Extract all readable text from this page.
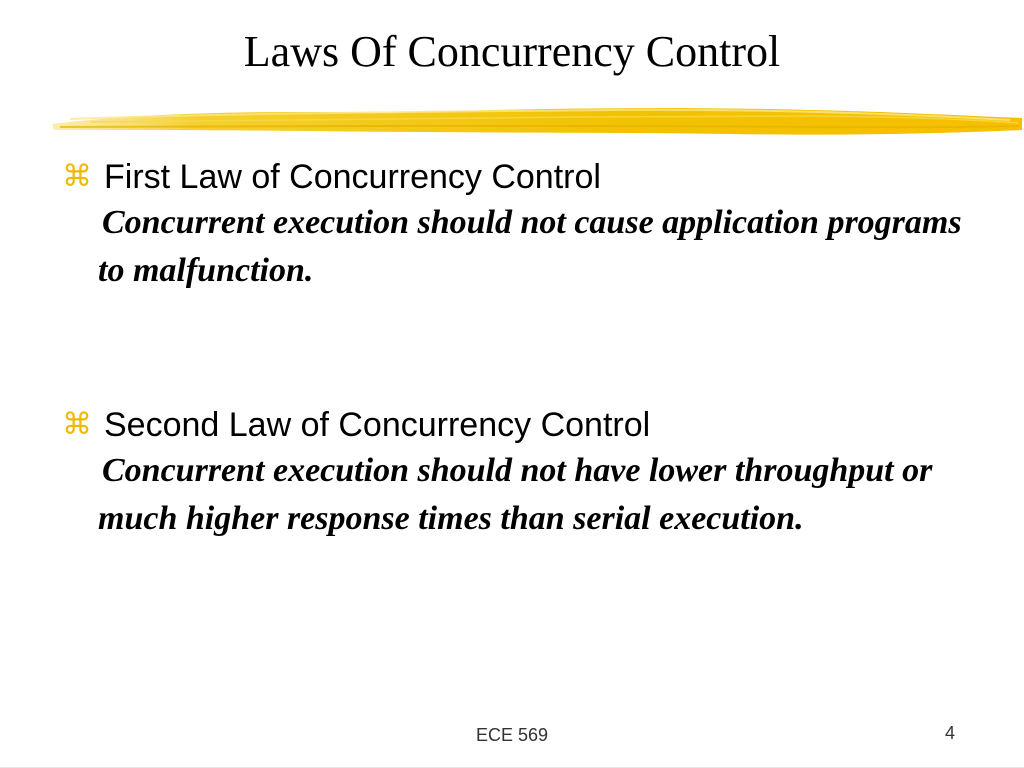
Laws Of Concurrency Control
⌘ First Law of Concurrency Control
Concurrent execution should not cause application programs to malfunction.
⌘ Second Law of Concurrency Control
Concurrent execution should not have lower throughput or much higher response times than serial execution.
ECE 569	4
